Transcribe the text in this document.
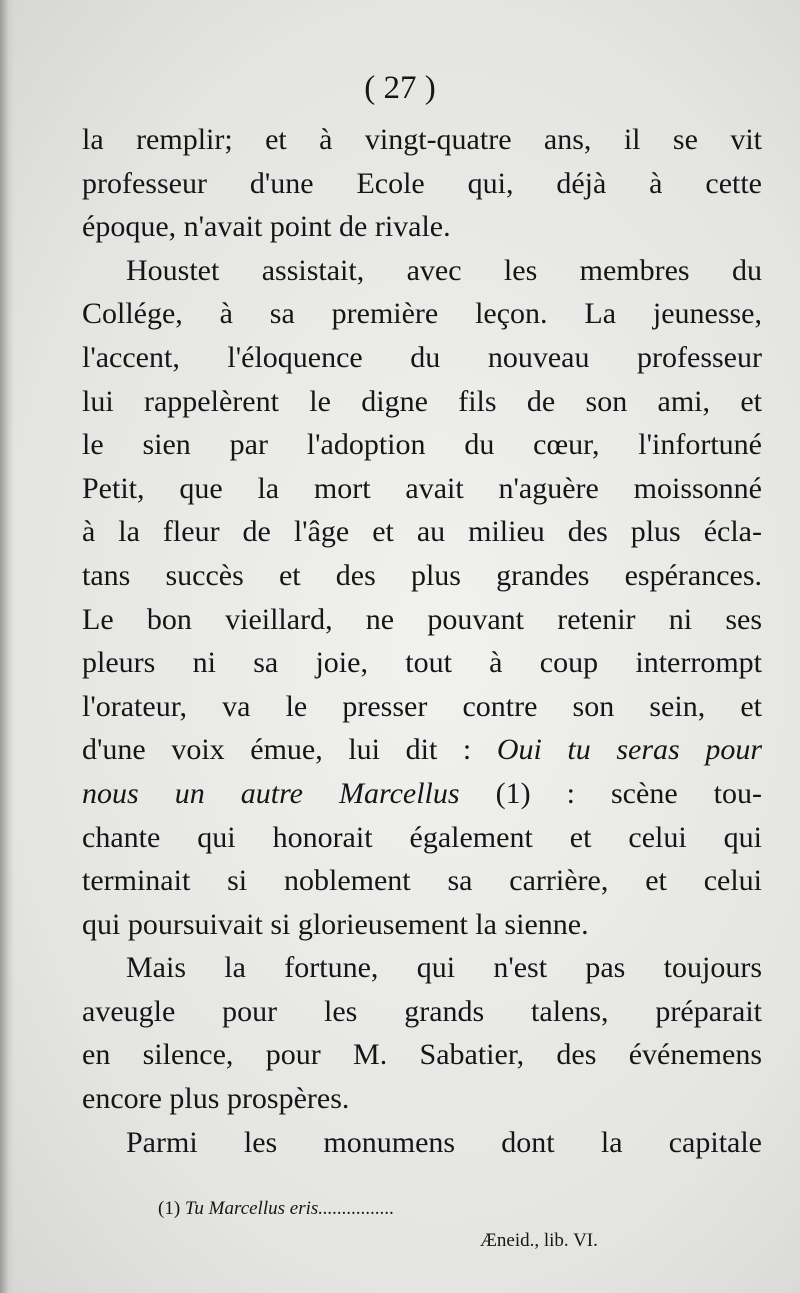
( 27 )
la remplir; et à vingt-quatre ans, il se vit
professeur d'une Ecole qui, déjà à cette
époque, n'avait point de rivale.
Houstet assistait, avec les membres du
Collége, à sa première leçon. La jeunesse,
l'accent, l'éloquence du nouveau professeur
lui rappelèrent le digne fils de son ami, et
le sien par l'adoption du cœur, l'infortuné
Petit, que la mort avait n'aguère moissonné
à la fleur de l'âge et au milieu des plus écla-
tans succès et des plus grandes espérances.
Le bon vieillard, ne pouvant retenir ni ses
pleurs ni sa joie, tout à coup interrompt
l'orateur, va le presser contre son sein, et
d'une voix émue, lui dit : Oui tu seras pour
nous un autre Marcellus (1) : scène tou-
chante qui honorait également et celui qui
terminait si noblement sa carrière, et celui
qui poursuivait si glorieusement la sienne.
Mais la fortune, qui n'est pas toujours
aveugle pour les grands talens, préparait
en silence, pour M. Sabatier, des événemens
encore plus prospères.
Parmi les monumens dont la capitale
(1) Tu Marcellus eris................
Æneid., lib. VI.
